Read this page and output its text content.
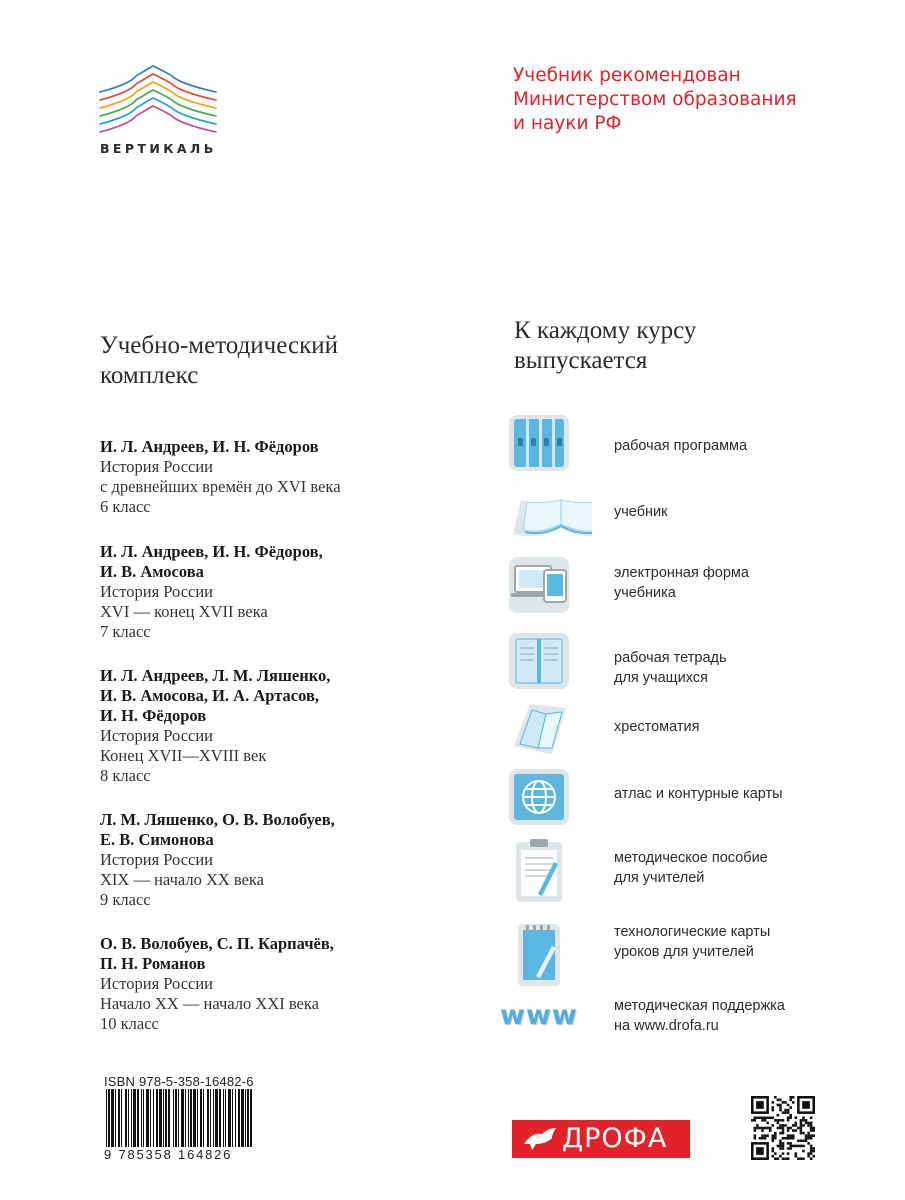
ВЕРТИКАЛЬ
Учебник рекомендован
Министерством образования
и науки РФ
Учебно-методический
комплекс
И. Л. Андреев, И. Н. Фёдоров
История России
с древнейших времён до XVI века
6 класс
И. Л. Андреев, И. Н. Фёдоров,
И. В. Амосова
История России
XVI — конец XVII века
7 класс
И. Л. Андреев, Л. М. Ляшенко,
И. В. Амосова, И. А. Артасов,
И. Н. Фёдоров
История России
Конец XVII—XVIII век
8 класс
Л. М. Ляшенко, О. В. Волобуев,
Е. В. Симонова
История России
XIX — начало XX века
9 класс
О. В. Волобуев, С. П. Карпачёв,
П. Н. Романов
История России
Начало XX — начало XXI века
10 класс
К каждому курсу
выпускается
рабочая программа
учебник
электронная форма
учебника
рабочая тетрадь
для учащихся
хрестоматия
атлас и контурные карты
методическое пособие
для учителей
технологические карты
уроков для учителей
www	методическая поддержка
на www.drofa.ru
ISBN 978-5-358-16482-6
9 785358 164826
ДРОФА
